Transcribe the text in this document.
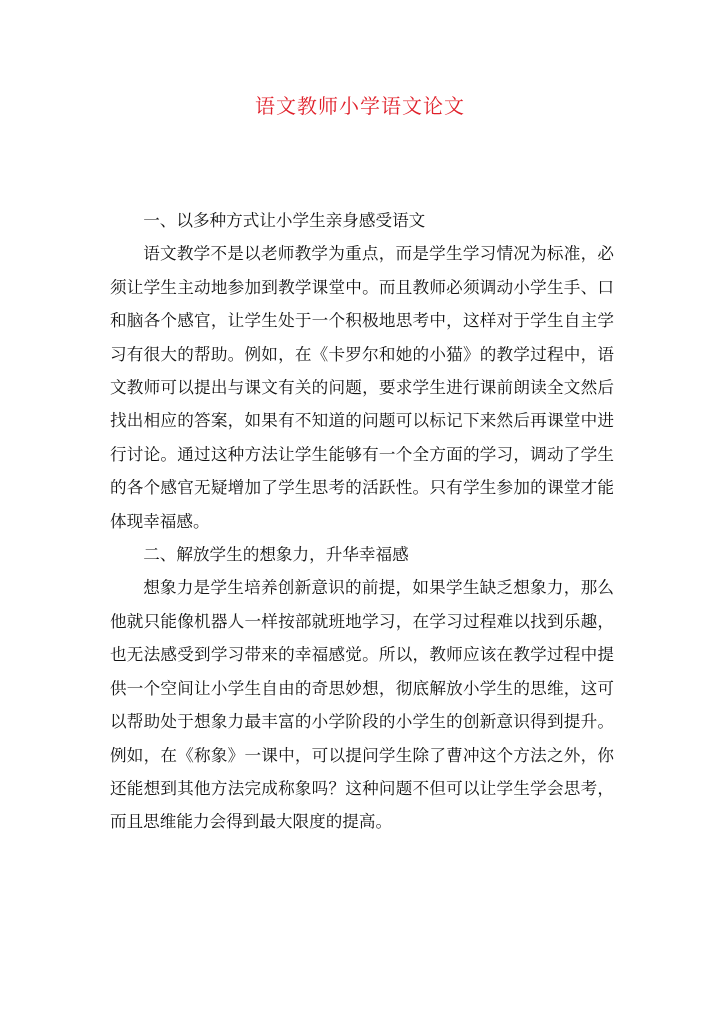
语文教师小学语文论文

一、以多种方式让小学生亲身感受语文

语文教学不是以老师教学为重点，而是学生学习情况为标准，必须让学生主动地参加到教学课堂中。而且教师必须调动小学生手、口和脑各个感官，让学生处于一个积极地思考中，这样对于学生自主学习有很大的帮助。例如，在《卡罗尔和她的小猫》的教学过程中，语文教师可以提出与课文有关的问题，要求学生进行课前朗读全文然后找出相应的答案，如果有不知道的问题可以标记下来然后再课堂中进行讨论。通过这种方法让学生能够有一个全方面的学习，调动了学生的各个感官无疑增加了学生思考的活跃性。只有学生参加的课堂才能体现幸福感。

二、解放学生的想象力，升华幸福感

想象力是学生培养创新意识的前提，如果学生缺乏想象力，那么他就只能像机器人一样按部就班地学习，在学习过程难以找到乐趣，也无法感受到学习带来的幸福感觉。所以，教师应该在教学过程中提供一个空间让小学生自由的奇思妙想，彻底解放小学生的思维，这可以帮助处于想象力最丰富的小学阶段的小学生的创新意识得到提升。例如，在《称象》一课中，可以提问学生除了曹冲这个方法之外，你还能想到其他方法完成称象吗？这种问题不但可以让学生学会思考，而且思维能力会得到最大限度的提高。
